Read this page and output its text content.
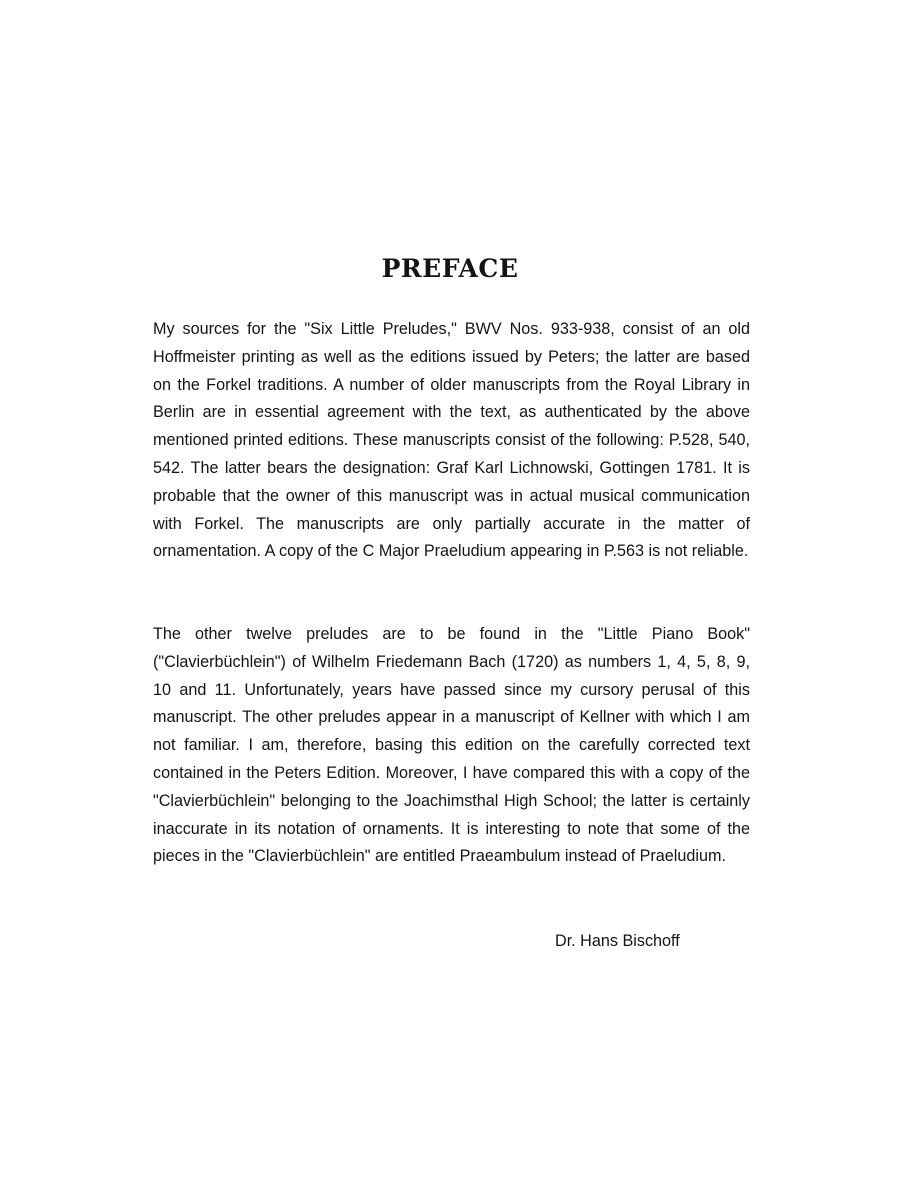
PREFACE

My sources for the "Six Little Preludes," BWV Nos. 933-938, consist of an old Hoffmeister printing as well as the editions issued by Peters; the latter are based on the Forkel traditions. A number of older manuscripts from the Royal Library in Berlin are in essential agreement with the text, as authenticated by the above mentioned printed editions. These manuscripts consist of the following: P.528, 540, 542. The latter bears the designation: Graf Karl Lichnowski, Gottingen 1781. It is probable that the owner of this manuscript was in actual musical communication with Forkel. The manuscripts are only partially accurate in the matter of ornamentation. A copy of the C Major Praeludium appearing in P.563 is not reliable.

The other twelve preludes are to be found in the "Little Piano Book" ("Clavierbüchlein") of Wilhelm Friedemann Bach (1720) as numbers 1, 4, 5, 8, 9, 10 and 11. Unfortunately, years have passed since my cursory perusal of this manuscript. The other preludes appear in a manuscript of Kellner with which I am not familiar. I am, therefore, basing this edition on the carefully corrected text contained in the Peters Edition. Moreover, I have compared this with a copy of the "Clavierbüchlein" belonging to the Joachimsthal High School; the latter is certainly inaccurate in its notation of ornaments. It is interesting to note that some of the pieces in the "Clavierbüchlein" are entitled Praeambulum instead of Praeludium.

Dr. Hans Bischoff
